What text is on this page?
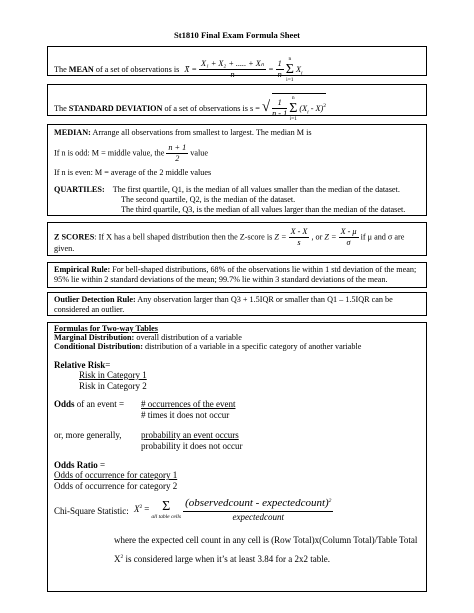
St1810 Final Exam Formula Sheet
The MEAN of a set of observations is X̄ = $\frac{\text{X₁ + X₂ + ..... + Xₙ}}{n} = \frac{1}{n}$

n
Σ
i=1
$X_i$
The STANDARD DEVIATION of a set of observations is s = √ $\frac{1}{n - 1}$

n
Σ
i=1
$(X_i - X)^2$
MEDIAN: Arrange all observations from smallest to largest. The median M is
If n is odd: M = middle value, the $\frac{n + 1}{2}$ value
If n is even: M = average of the 2 middle values
QUARTILES: The first quartile, Q1, is the median of all values smaller than the median of the dataset.
The second quartile, Q2, is the median of the dataset.
The third quartile, Q3, is the median of all values larger than the median of the dataset.
Z SCORES: If X has a bell shaped distribution then the Z-score is $Z = \frac{X - X}{s}$ , or $Z = \frac{X - \mu}{\sigma}$ if μ and σ are
given.
Empirical Rule: For bell-shaped distributions, 68% of the observations lie within 1 std deviation of the mean;
95% lie within 2 standard deviations of the mean; 99.7% lie within 3 standard deviations of the mean.
Outlier Detection Rule: Any observation larger than Q3 + 1.5IQR or smaller than Q1 – 1.5IQR can be
considered an outlier.
Formulas for Two-way Tables
Marginal Distribution: overall distribution of a variable
Conditional Distribution: distribution of a variable in a specific category of another variable
Relative Risk=
Risk in Category 1
Risk in Category 2
Odds of an event = # occurrences of the event
# times it does not occur
or, more generally, probability an event occurs
probability it does not occur
Odds Ratio =
Odds of occurrence for category 1
Odds of occurrence for category 2
Chi-Square Statistic: $X^2 = \Sigma$
all table cells
$\frac{(observedcount - expectedcount)^2}{\text{expectedcount}}$
where the expected cell count in any cell is (Row Total)x(Column Total)/Table Total
$X^2$ is considered large when it’s at least 3.84 for a 2x2 table.
